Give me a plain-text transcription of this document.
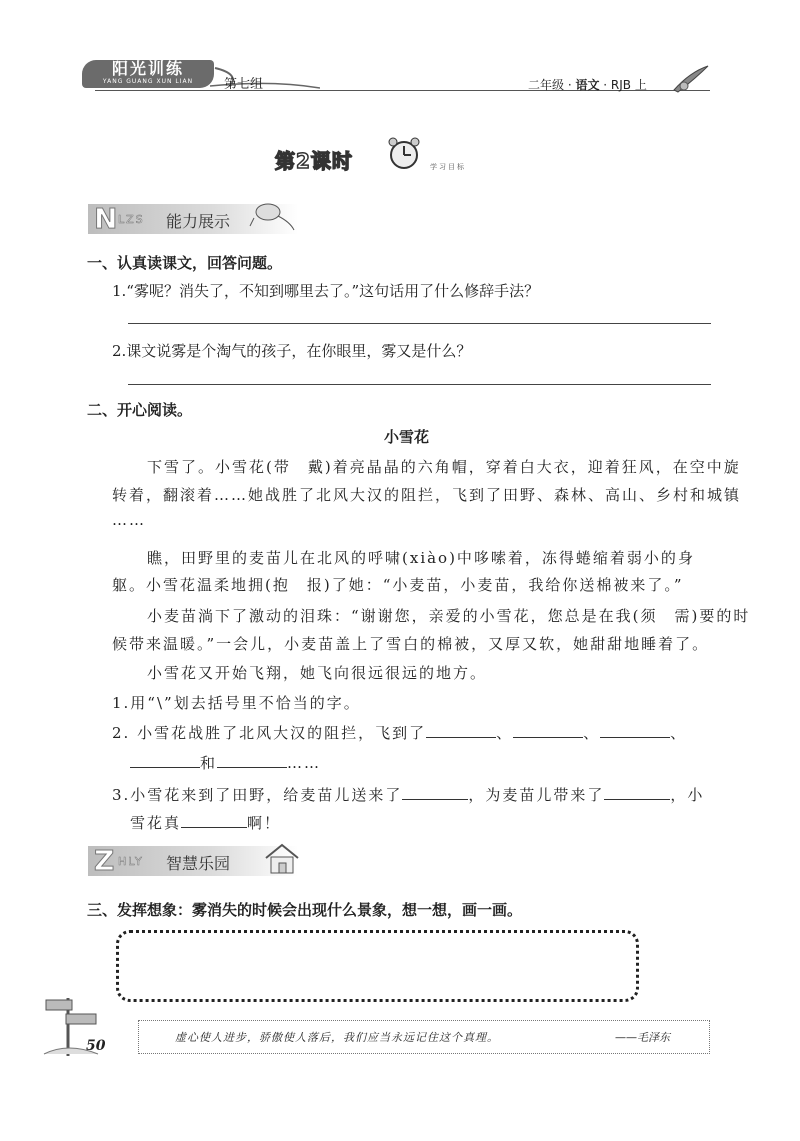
阳光训练
YANG GUANG XUN LIAN	第七组	二年级 · 语文 · RJB 上
第2课时	学习目标
N LZS 能力展示
一、认真读课文，回答问题。
1.“雾呢？消失了，不知到哪里去了。”这句话用了什么修辞手法？
2.课文说雾是个淘气的孩子，在你眼里，雾又是什么？
二、开心阅读。
小雪花
下雪了。小雪花(带　戴)着亮晶晶的六角帽，穿着白大衣，迎着狂风，在空中旋
转着，翻滚着……她战胜了北风大汉的阻拦，飞到了田野、森林、高山、乡村和城镇
……
瞧，田野里的麦苗儿在北风的呼啸(xiào)中哆嗦着，冻得蜷缩着弱小的身
躯。小雪花温柔地拥(抱　报)了她：“小麦苗，小麦苗，我给你送棉被来了。”
小麦苗淌下了激动的泪珠：“谢谢您，亲爱的小雪花，您总是在我(须　需)要的时
候带来温暖。”一会儿，小麦苗盖上了雪白的棉被，又厚又软，她甜甜地睡着了。
小雪花又开始飞翔，她飞向很远很远的地方。
1.用“\”划去括号里不恰当的字。
2. 小雪花战胜了北风大汉的阻拦，飞到了	、	、	、
和	……
3.小雪花来到了田野，给麦苗儿送来了	，为麦苗儿带来了	，小
雪花真	啊！
Z HLY 智慧乐园
三、发挥想象：雾消失的时候会出现什么景象，想一想，画一画。
50
虚心使人进步，骄傲使人落后，我们应当永远记住这个真理。	——毛泽东
